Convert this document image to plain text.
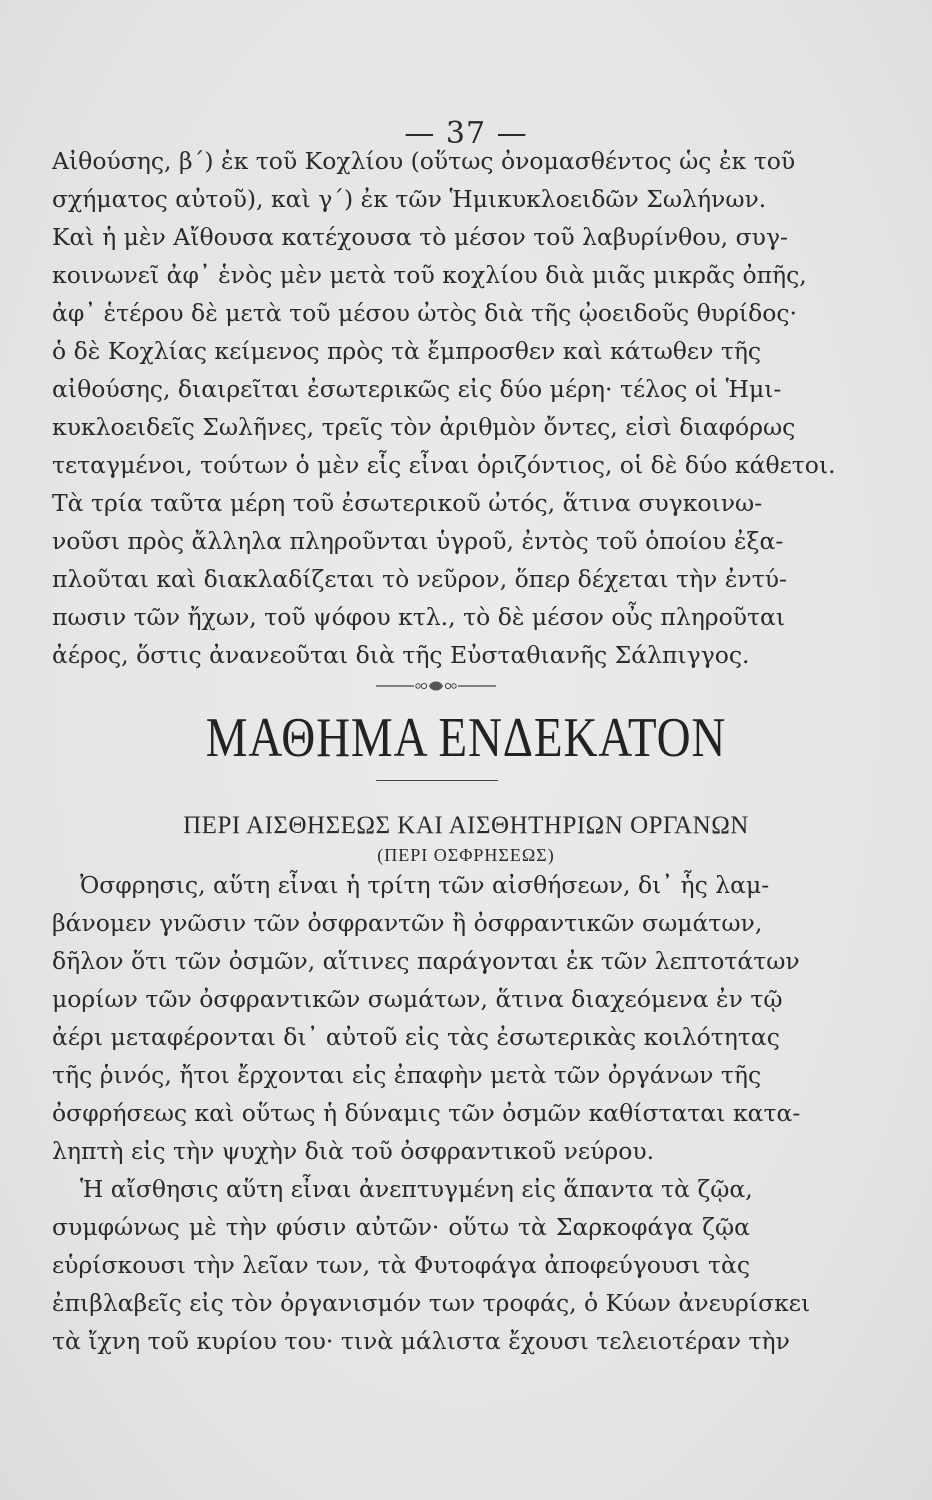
— 37 —
Αἰθούσης, β΄) ἐκ τοῦ Κοχλίου (οὕτως ὀνομασθέντος ὡς ἐκ τοῦ
σχήματος αὐτοῦ), καὶ γ΄) ἐκ τῶν Ἡμικυκλοειδῶν Σωλήνων.
Καὶ ἡ μὲν Αἴθουσα κατέχουσα τὸ μέσον τοῦ λαβυρίνθου, συγ-
κοινωνεῖ ἀφ᾽ ἑνὸς μὲν μετὰ τοῦ κοχλίου διὰ μιᾶς μικρᾶς ὀπῆς,
ἀφ᾽ ἑτέρου δὲ μετὰ τοῦ μέσου ὠτὸς διὰ τῆς ᾠοειδοῦς θυρίδος·
ὁ δὲ Κοχλίας κείμενος πρὸς τὰ ἔμπροσθεν καὶ κάτωθεν τῆς
αἰθούσης, διαιρεῖται ἐσωτερικῶς εἰς δύο μέρη· τέλος οἱ Ἡμι-
κυκλοειδεῖς Σωλῆνες, τρεῖς τὸν ἀριθμὸν ὄντες, εἰσὶ διαφόρως
τεταγμένοι, τούτων ὁ μὲν εἷς εἶναι ὁριζόντιος, οἱ δὲ δύο κάθετοι.
Τὰ τρία ταῦτα μέρη τοῦ ἐσωτερικοῦ ὠτός, ἅτινα συγκοινω-
νοῦσι πρὸς ἄλληλα πληροῦνται ὑγροῦ, ἐντὸς τοῦ ὁποίου ἐξα-
πλοῦται καὶ διακλαδίζεται τὸ νεῦρον, ὅπερ δέχεται τὴν ἐντύ-
πωσιν τῶν ἤχων, τοῦ ψόφου κτλ., τὸ δὲ μέσον οὖς πληροῦται
ἀέρος, ὅστις ἀνανεοῦται διὰ τῆς Εὐσταθιανῆς Σάλπιγγος.
ΜΑΘΗΜΑ ΕΝΔΕΚΑΤΟΝ
ΠΕΡΙ ΑΙΣΘΗΣΕΩΣ ΚΑΙ ΑΙΣΘΗΤΗΡΙΩΝ ΟΡΓΑΝΩΝ
(ΠΕΡΙ ΟΣΦΡΗΣΕΩΣ)
Ὀσφρησις, αὕτη εἶναι ἡ τρίτη τῶν αἰσθήσεων, δι᾽ ἧς λαμ-
βάνομεν γνῶσιν τῶν ὀσφραντῶν ἢ ὀσφραντικῶν σωμάτων,
δῆλον ὅτι τῶν ὀσμῶν, αἵτινες παράγονται ἐκ τῶν λεπτοτάτων
μορίων τῶν ὀσφραντικῶν σωμάτων, ἅτινα διαχεόμενα ἐν τῷ
ἀέρι μεταφέρονται δι᾽ αὐτοῦ εἰς τὰς ἐσωτερικὰς κοιλότητας
τῆς ῥινός, ἤτοι ἔρχονται εἰς ἐπαφὴν μετὰ τῶν ὀργάνων τῆς
ὀσφρήσεως καὶ οὕτως ἡ δύναμις τῶν ὀσμῶν καθίσταται κατα-
ληπτὴ εἰς τὴν ψυχὴν διὰ τοῦ ὀσφραντικοῦ νεύρου.
Ἡ αἴσθησις αὕτη εἶναι ἀνεπτυγμένη εἰς ἅπαντα τὰ ζῷα,
συμφώνως μὲ τὴν φύσιν αὐτῶν· οὕτω τὰ Σαρκοφάγα ζῷα
εὑρίσκουσι τὴν λεῖαν των, τὰ Φυτοφάγα ἀποφεύγουσι τὰς
ἐπιβλαβεῖς εἰς τὸν ὀργανισμόν των τροφάς, ὁ Κύων ἀνευρίσκει
τὰ ἴχνη τοῦ κυρίου του· τινὰ μάλιστα ἔχουσι τελειοτέραν τὴν
